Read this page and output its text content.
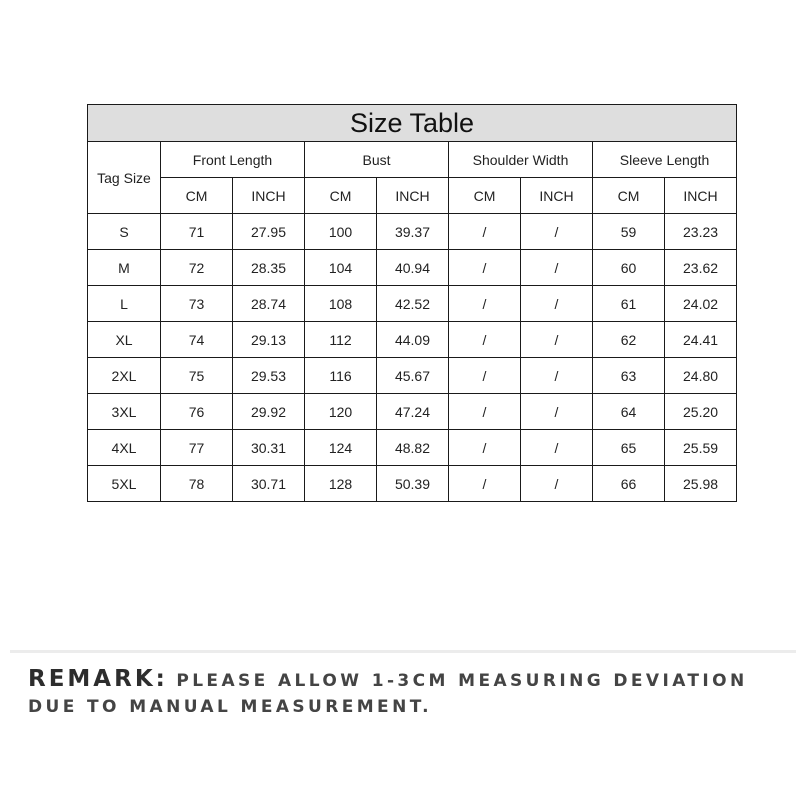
Size Table								
Tag Size	Front Length		Bust		Shoulder Width		Sleeve Length	
	CM	INCH	CM	INCH	CM	INCH	CM	INCH
S	71	27.95	100	39.37	/	/	59	23.23
M	72	28.35	104	40.94	/	/	60	23.62
L	73	28.74	108	42.52	/	/	61	24.02
XL	74	29.13	112	44.09	/	/	62	24.41
2XL	75	29.53	116	45.67	/	/	63	24.80
3XL	76	29.92	120	47.24	/	/	64	25.20
4XL	77	30.31	124	48.82	/	/	65	25.59
5XL	78	30.71	128	50.39	/	/	66	25.98
REMARK: PLEASE ALLOW 1-3CM MEASURING DEVIATION DUE TO MANUAL MEASUREMENT.
